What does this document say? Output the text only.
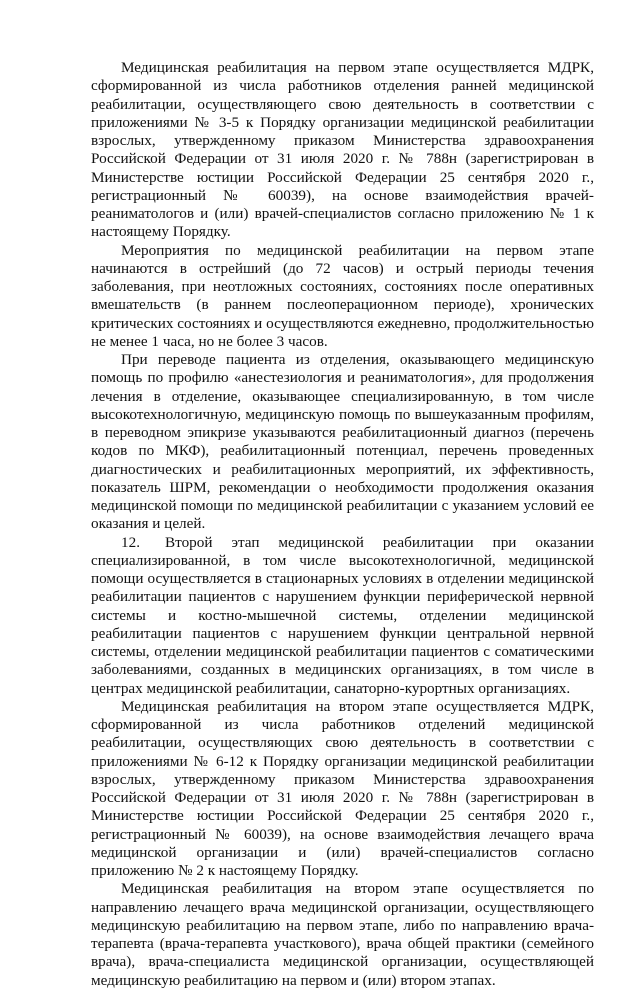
Медицинская реабилитация на первом этапе осуществляется МДРК, сформированной из числа работников отделения ранней медицинской реабилитации, осуществляющего свою деятельность в соответствии с приложениями № 3-5 к Порядку организации медицинской реабилитации взрослых, утвержденному приказом Министерства здравоохранения Российской Федерации от 31 июля 2020 г. № 788н (зарегистрирован в Министерстве юстиции Российской Федерации 25 сентября 2020 г., регистрационный № 60039), на основе взаимодействия врачей-реаниматологов и (или) врачей-специалистов согласно приложению № 1 к настоящему Порядку.

Мероприятия по медицинской реабилитации на первом этапе начинаются в острейший (до 72 часов) и острый периоды течения заболевания, при неотложных состояниях, состояниях после оперативных вмешательств (в раннем послеоперационном периоде), хронических критических состояниях и осуществляются ежедневно, продолжительностью не менее 1 часа, но не более 3 часов.

При переводе пациента из отделения, оказывающего медицинскую помощь по профилю «анестезиология и реаниматология», для продолжения лечения в отделение, оказывающее специализированную, в том числе высокотехнологичную, медицинскую помощь по вышеуказанным профилям, в переводном эпикризе указываются реабилитационный диагноз (перечень кодов по МКФ), реабилитационный потенциал, перечень проведенных диагностических и реабилитационных мероприятий, их эффективность, показатель ШРМ, рекомендации о необходимости продолжения оказания медицинской помощи по медицинской реабилитации с указанием условий ее оказания и целей.

12. Второй этап медицинской реабилитации при оказании специализированной, в том числе высокотехнологичной, медицинской помощи осуществляется в стационарных условиях в отделении медицинской реабилитации пациентов с нарушением функции периферической нервной системы и костно-мышечной системы, отделении медицинской реабилитации пациентов с нарушением функции центральной нервной системы, отделении медицинской реабилитации пациентов с соматическими заболеваниями, созданных в медицинских организациях, в том числе в центрах медицинской реабилитации, санаторно-курортных организациях.

Медицинская реабилитация на втором этапе осуществляется МДРК, сформированной из числа работников отделений медицинской реабилитации, осуществляющих свою деятельность в соответствии с приложениями № 6-12 к Порядку организации медицинской реабилитации взрослых, утвержденному приказом Министерства здравоохранения Российской Федерации от 31 июля 2020 г. № 788н (зарегистрирован в Министерстве юстиции Российской Федерации 25 сентября 2020 г., регистрационный № 60039), на основе взаимодействия лечащего врача медицинской организации и (или) врачей-специалистов согласно приложению № 2 к настоящему Порядку.

Медицинская реабилитация на втором этапе осуществляется по направлению лечащего врача медицинской организации, осуществляющего медицинскую реабилитацию на первом этапе, либо по направлению врача-терапевта (врача-терапевта участкового), врача общей практики (семейного врача), врача-специалиста медицинской организации, осуществляющей медицинскую реабилитацию на первом и (или) втором этапах.
